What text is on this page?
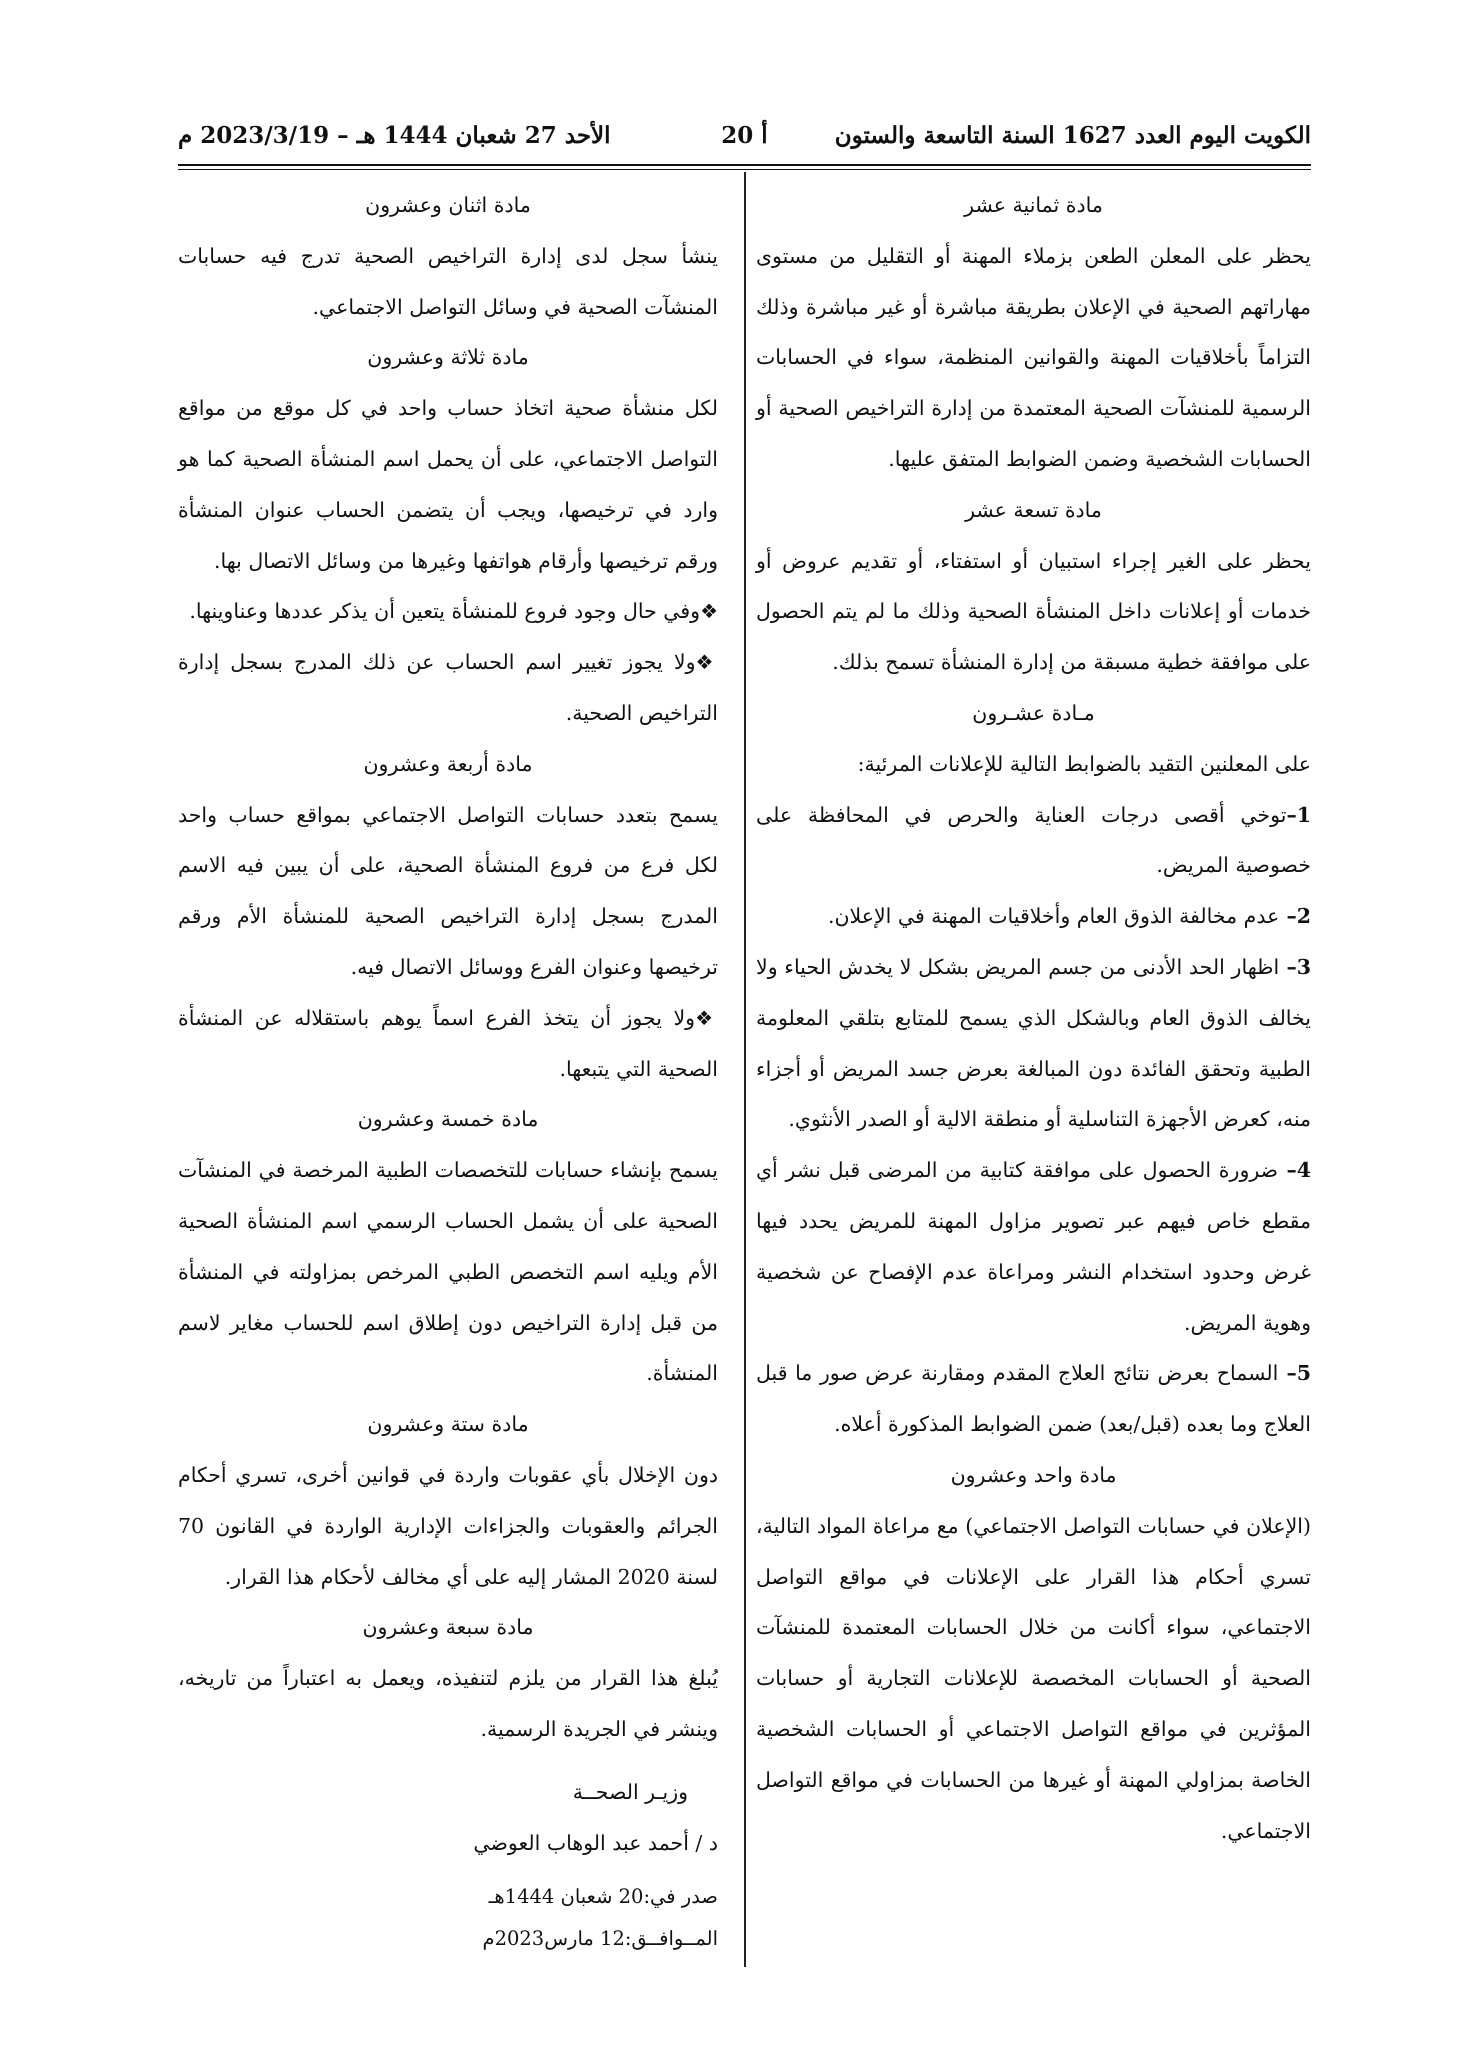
الكويت اليوم العدد 1627 السنة التاسعة والستون
أ 20
الأحد 27 شعبان 1444 هـ – 2023/3/19 م

مادة ثمانية عشر

يحظر على المعلن الطعن بزملاء المهنة أو التقليل من مستوى مهاراتهم الصحية في الإعلان بطريقة مباشرة أو غير مباشرة وذلك التزاماً بأخلاقيات المهنة والقوانين المنظمة، سواء في الحسابات الرسمية للمنشآت الصحية المعتمدة من إدارة التراخيص الصحية أو الحسابات الشخصية وضمن الضوابط المتفق عليها.

مادة تسعة عشر

يحظر على الغير إجراء استبيان أو استفتاء، أو تقديم عروض أو خدمات أو إعلانات داخل المنشأة الصحية وذلك ما لم يتم الحصول على موافقة خطية مسبقة من إدارة المنشأة تسمح بذلك.

مـادة عشـرون

على المعلنين التقيد بالضوابط التالية للإعلانات المرئية:

1–توخي أقصى درجات العناية والحرص في المحافظة على خصوصية المريض.

2– عدم مخالفة الذوق العام وأخلاقيات المهنة في الإعلان.

3– اظهار الحد الأدنى من جسم المريض بشكل لا يخدش الحياء ولا يخالف الذوق العام وبالشكل الذي يسمح للمتابع بتلقي المعلومة الطبية وتحقق الفائدة دون المبالغة بعرض جسد المريض أو أجزاء منه، كعرض الأجهزة التناسلية أو منطقة الالية أو الصدر الأنثوي.

4– ضرورة الحصول على موافقة كتابية من المرضى قبل نشر أي مقطع خاص فيهم عبر تصوير مزاول المهنة للمريض يحدد فيها غرض وحدود استخدام النشر ومراعاة عدم الإفصاح عن شخصية وهوية المريض.

5– السماح بعرض نتائج العلاج المقدم ومقارنة عرض صور ما قبل العلاج وما بعده (قبل/بعد) ضمن الضوابط المذكورة أعلاه.

مادة واحد وعشرون

(الإعلان في حسابات التواصل الاجتماعي) مع مراعاة المواد التالية، تسري أحكام هذا القرار على الإعلانات في مواقع التواصل الاجتماعي، سواء أكانت من خلال الحسابات المعتمدة للمنشآت الصحية أو الحسابات المخصصة للإعلانات التجارية أو حسابات المؤثرين في مواقع التواصل الاجتماعي أو الحسابات الشخصية الخاصة بمزاولي المهنة أو غيرها من الحسابات في مواقع التواصل الاجتماعي.

مادة اثنان وعشرون

ينشأ سجل لدى إدارة التراخيص الصحية تدرج فيه حسابات المنشآت الصحية في وسائل التواصل الاجتماعي.

مادة ثلاثة وعشرون

لكل منشأة صحية اتخاذ حساب واحد في كل موقع من مواقع التواصل الاجتماعي، على أن يحمل اسم المنشأة الصحية كما هو وارد في ترخيصها، ويجب أن يتضمن الحساب عنوان المنشأة ورقم ترخيصها وأرقام هواتفها وغيرها من وسائل الاتصال بها.

❖وفي حال وجود فروع للمنشأة يتعين أن يذكر عددها وعناوينها.

❖ولا يجوز تغيير اسم الحساب عن ذلك المدرج بسجل إدارة التراخيص الصحية.

مادة أربعة وعشرون

يسمح بتعدد حسابات التواصل الاجتماعي بمواقع حساب واحد لكل فرع من فروع المنشأة الصحية، على أن يبين فيه الاسم المدرج بسجل إدارة التراخيص الصحية للمنشأة الأم ورقم ترخيصها وعنوان الفرع ووسائل الاتصال فيه.

❖ولا يجوز أن يتخذ الفرع اسماً يوهم باستقلاله عن المنشأة الصحية التي يتبعها.

مادة خمسة وعشرون

يسمح بإنشاء حسابات للتخصصات الطبية المرخصة في المنشآت الصحية على أن يشمل الحساب الرسمي اسم المنشأة الصحية الأم ويليه اسم التخصص الطبي المرخص بمزاولته في المنشأة من قبل إدارة التراخيص دون إطلاق اسم للحساب مغاير لاسم المنشأة.

مادة ستة وعشرون

دون الإخلال بأي عقوبات واردة في قوانين أخرى، تسري أحكام الجرائم والعقوبات والجزاءات الإدارية الواردة في القانون 70 لسنة 2020 المشار إليه على أي مخالف لأحكام هذا القرار.

مادة سبعة وعشرون

يُبلغ هذا القرار من يلزم لتنفيذه، ويعمل به اعتباراً من تاريخه، وينشر في الجريدة الرسمية.

وزيـر الصحــة
د / أحمد عبد الوهاب العوضي
صدر في:20 شعبان 1444هـ
المــوافــق:12 مارس2023م
